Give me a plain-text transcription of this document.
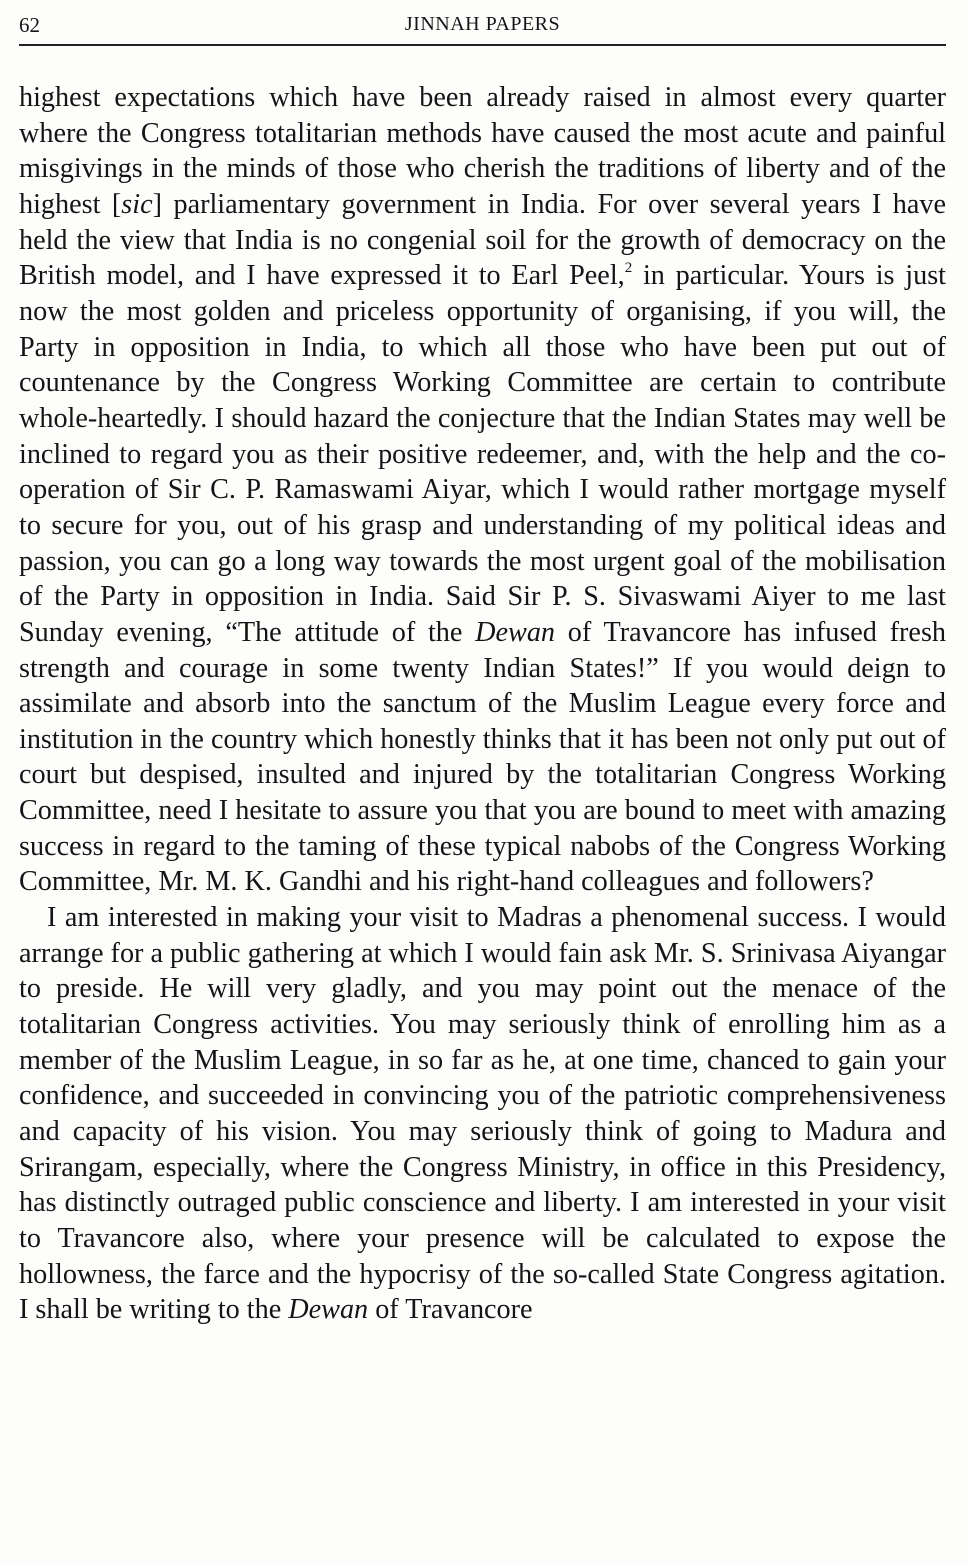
62	JINNAH PAPERS

highest expectations which have been already raised in almost every quarter where the Congress totalitarian methods have caused the most acute and painful misgivings in the minds of those who cherish the traditions of liberty and of the highest [sic] parliamentary government in India. For over several years I have held the view that India is no congenial soil for the growth of democracy on the British model, and I have expressed it to Earl Peel,$^2$ in particular. Yours is just now the most golden and priceless opportunity of organising, if you will, the Party in opposition in India, to which all those who have been put out of countenance by the Congress Working Committee are certain to contribute whole-heartedly. I should hazard the conjecture that the Indian States may well be inclined to regard you as their positive redeemer, and, with the help and the co-operation of Sir C. P. Ramaswami Aiyar, which I would rather mortgage myself to secure for you, out of his grasp and understanding of my political ideas and passion, you can go a long way towards the most urgent goal of the mobilisation of the Party in opposition in India. Said Sir P. S. Sivaswami Aiyer to me last Sunday evening, “The attitude of the Dewan of Travancore has infused fresh strength and courage in some twenty Indian States!” If you would deign to assimilate and absorb into the sanctum of the Muslim League every force and institution in the country which honestly thinks that it has been not only put out of court but despised, insulted and injured by the totalitarian Congress Working Committee, need I hesitate to assure you that you are bound to meet with amazing success in regard to the taming of these typical nabobs of the Congress Working Committee, Mr. M. K. Gandhi and his right-hand colleagues and followers?

I am interested in making your visit to Madras a phenomenal success. I would arrange for a public gathering at which I would fain ask Mr. S. Srinivasa Aiyangar to preside. He will very gladly, and you may point out the menace of the totalitarian Congress activities. You may seriously think of enrolling him as a member of the Muslim League, in so far as he, at one time, chanced to gain your confidence, and succeeded in convincing you of the patriotic comprehensiveness and capacity of his vision. You may seriously think of going to Madura and Srirangam, especially, where the Congress Ministry, in office in this Presidency, has distinctly outraged public conscience and liberty. I am interested in your visit to Travancore also, where your presence will be calculated to expose the hollowness, the farce and the hypocrisy of the so-called State Congress agitation. I shall be writing to the Dewan of Travancore
